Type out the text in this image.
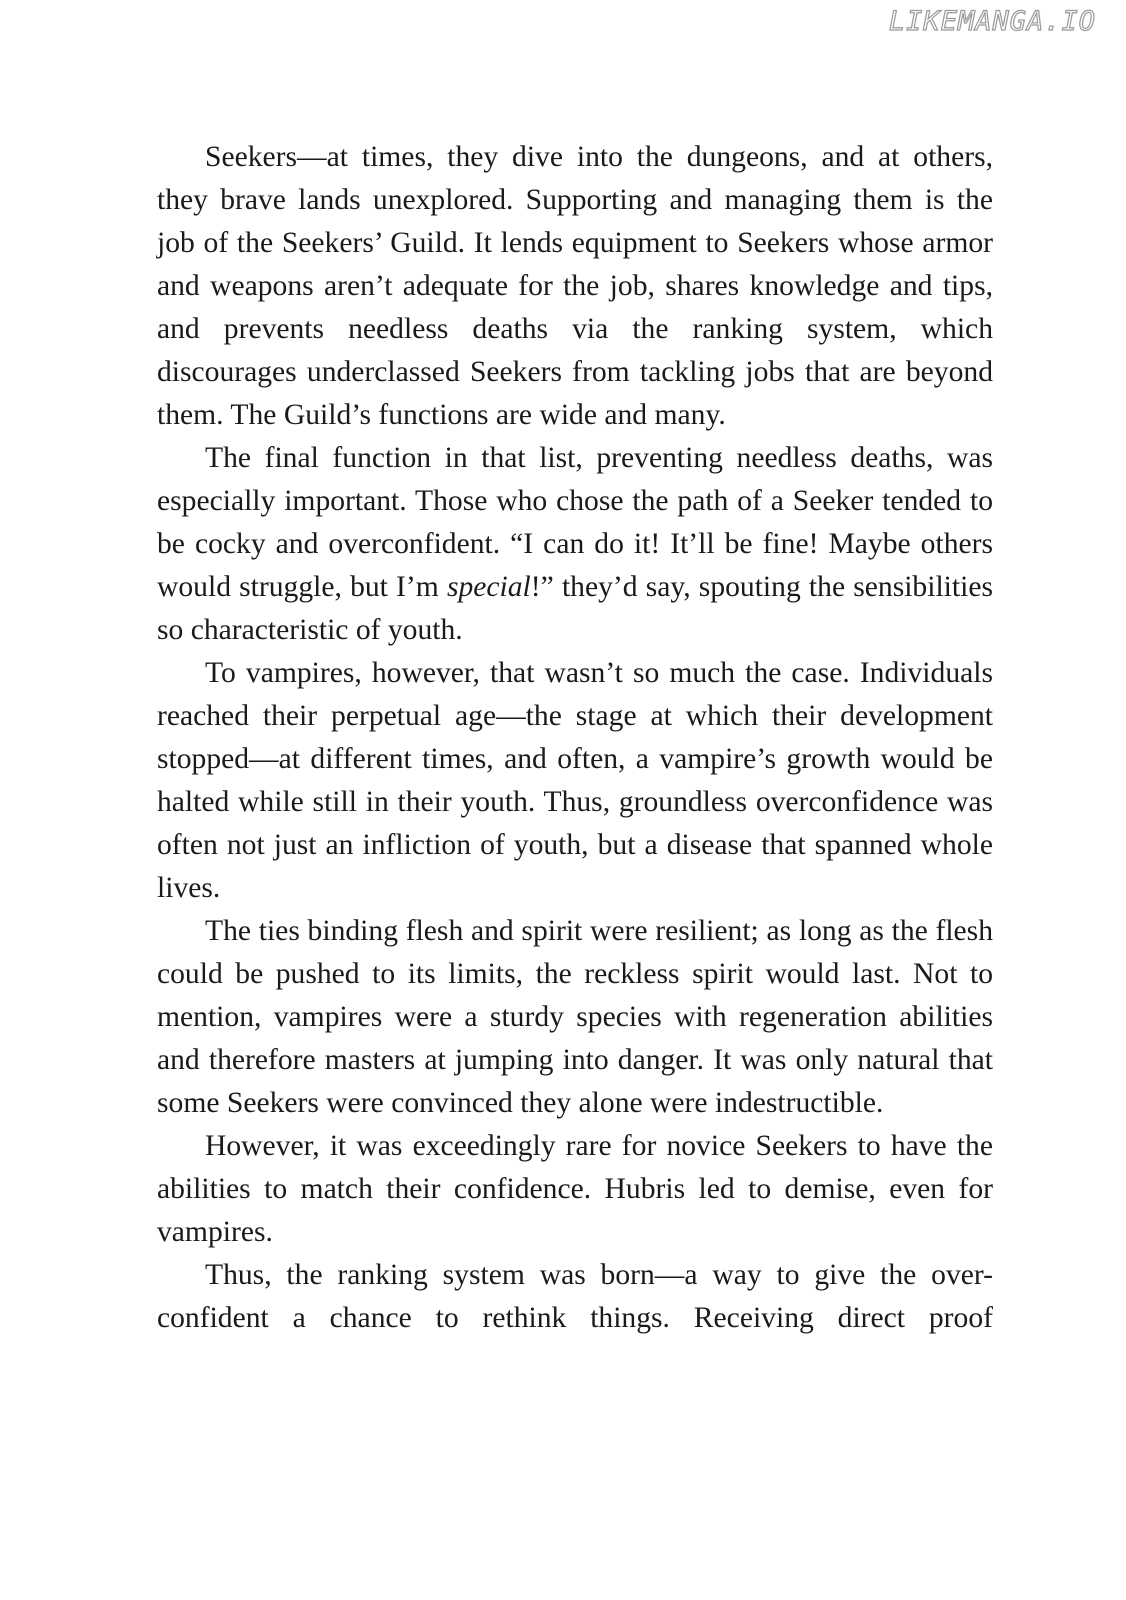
LIKEMANGA.IO

Seekers—at times, they dive into the dungeons, and at others, they brave lands unexplored. Supporting and managing them is the job of the Seekers’ Guild. It lends equipment to Seekers whose armor and weapons aren’t adequate for the job, shares knowledge and tips, and prevents needless deaths via the ranking system, which discourages underclassed Seekers from tackling jobs that are beyond them. The Guild’s functions are wide and many.

The final function in that list, preventing needless deaths, was especially important. Those who chose the path of a Seeker tended to be cocky and overconfident. “I can do it! It’ll be fine! Maybe others would struggle, but I’m special!” they’d say, spouting the sensibilities so characteristic of youth.

To vampires, however, that wasn’t so much the case. Individuals reached their perpetual age—the stage at which their development stopped—at different times, and often, a vampire’s growth would be halted while still in their youth. Thus, groundless overconfidence was often not just an infliction of youth, but a disease that spanned whole lives.

The ties binding flesh and spirit were resilient; as long as the flesh could be pushed to its limits, the reckless spirit would last. Not to mention, vampires were a sturdy species with regeneration abilities and therefore masters at jumping into danger. It was only natural that some Seekers were convinced they alone were indestructible.

However, it was exceedingly rare for novice Seekers to have the abilities to match their confidence. Hubris led to demise, even for vampires.

Thus, the ranking system was born—a way to give the over-confident a chance to rethink things. Receiving direct proof
